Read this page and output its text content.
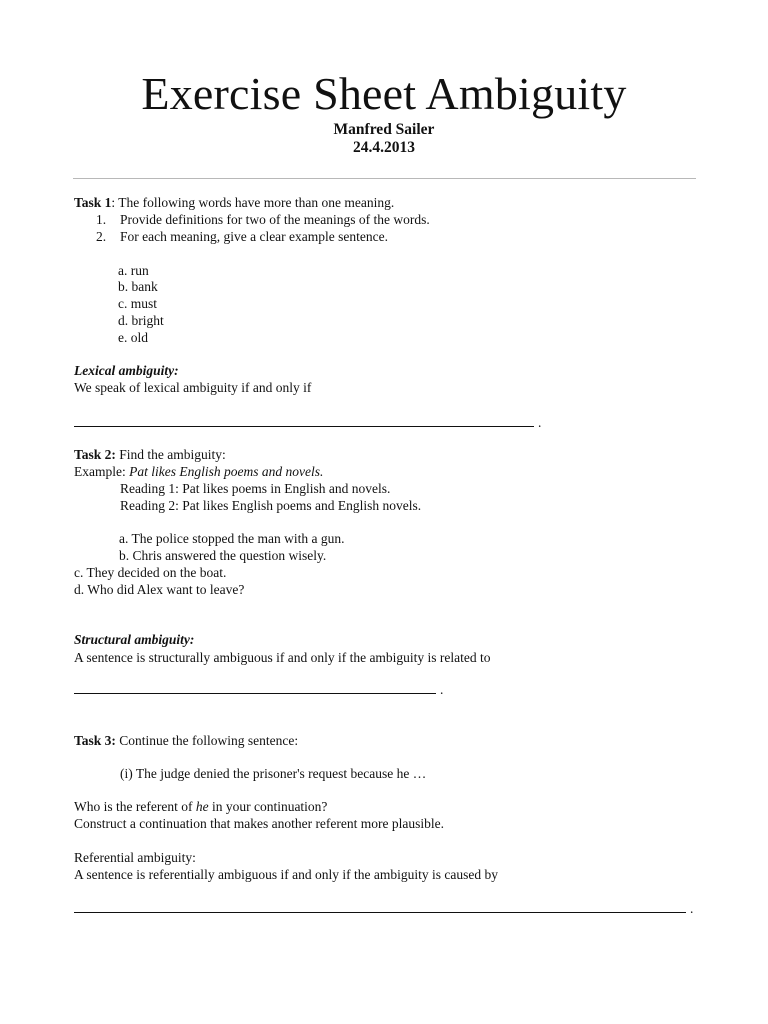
Exercise Sheet Ambiguity
Manfred Sailer
24.4.2013
Task 1: The following words have more than one meaning.
1. Provide definitions for two of the meanings of the words.
2. For each meaning, give a clear example sentence.
a. run
b. bank
c. must
d. bright
e. old
Lexical ambiguity:
We speak of lexical ambiguity if and only if
.
Task 2: Find the ambiguity:
Example: Pat likes English poems and novels.
Reading 1: Pat likes poems in English and novels.
Reading 2: Pat likes English poems and English novels.
a. The police stopped the man with a gun.
b. Chris answered the question wisely.
c. They decided on the boat.
d. Who did Alex want to leave?
Structural ambiguity:
A sentence is structurally ambiguous if and only if the ambiguity is related to
.
Task 3: Continue the following sentence:
(i) The judge denied the prisoner's request because he …
Who is the referent of he in your continuation?
Construct a continuation that makes another referent more plausible.
Referential ambiguity:
A sentence is referentially ambiguous if and only if the ambiguity is caused by
.
